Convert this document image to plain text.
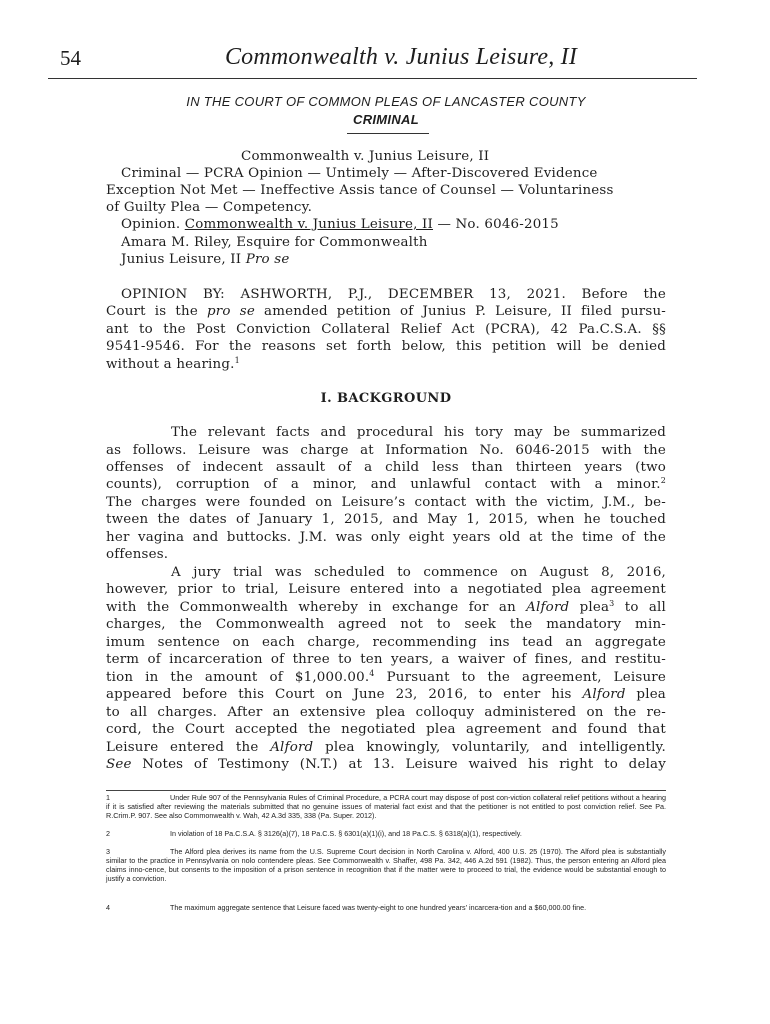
54	Commonwealth v. Junius Leisure, II
IN THE COURT OF COMMON PLEAS OF LANCASTER COUNTY
CRIMINAL
Commonwealth v. Junius Leisure, II
Criminal — PCRA Opinion — Untimely — After-Discovered Evidence
Exception Not Met — Ineffective Assis tance of Counsel — Voluntariness
of Guilty Plea — Competency.
Opinion. Commonwealth v. Junius Leisure, II — No. 6046-2015
Amara M. Riley, Esquire for Commonwealth
Junius Leisure, II Pro se
OPINION BY: ASHWORTH, P.J., DECEMBER 13, 2021. Before the
Court is the pro se amended petition of Junius P. Leisure, II filed pursu-
ant to the Post Conviction Collateral Relief Act (PCRA), 42 Pa.C.S.A. §§
9541-9546. For the reasons set forth below, this petition will be denied
without a hearing.$^1$
I. BACKGROUND
The relevant facts and procedural his tory may be summarized
as follows. Leisure was charge at Information No. 6046-2015 with the
offenses of indecent assault of a child less than thirteen years (two
counts), corruption of a minor, and unlawful contact with a minor.$^2$
The charges were founded on Leisure’s contact with the victim, J.M., be-
tween the dates of January 1, 2015, and May 1, 2015, when he touched
her vagina and buttocks. J.M. was only eight years old at the time of the
offenses.
A jury trial was scheduled to commence on August 8, 2016,
however, prior to trial, Leisure entered into a negotiated plea agreement
with the Commonwealth whereby in exchange for an Alford plea$^3$ to all
charges, the Commonwealth agreed not to seek the mandatory min-
imum sentence on each charge, recommending ins tead an aggregate
term of incarceration of three to ten years, a waiver of fines, and restitu-
tion in the amount of $1,000.00.$^4$ Pursuant to the agreement, Leisure
appeared before this Court on June 23, 2016, to enter his Alford plea
to all charges. After an extensive plea colloquy administered on the re-
cord, the Court accepted the negotiated plea agreement and found that
Leisure entered the Alford plea knowingly, voluntarily, and intelligently.
See Notes of Testimony (N.T.) at 13. Leisure waived his right to delay
1	Under Rule 907 of the Pennsylvania Rules of Criminal Procedure, a PCRA court may dispose of post con-viction collateral relief petitions without a hearing if it is satisfied after reviewing the materials submitted that no genuine issues of material fact exist and that the petitioner is not entitled to post conviction relief. See Pa. R.Crim.P. 907. See also Commonwealth v. Wah, 42 A.3d 335, 338 (Pa. Super. 2012).
2	In violation of 18 Pa.C.S.A. § 3126(a)(7), 18 Pa.C.S. § 6301(a)(1)(i), and 18 Pa.C.S. § 6318(a)(1), respectively.
3	The Alford plea derives its name from the U.S. Supreme Court decision in North Carolina v. Alford, 400 U.S. 25 (1970). The Alford plea is substantially similar to the practice in Pennsylvania on nolo contendere pleas. See Commonwealth v. Shaffer, 498 Pa. 342, 446 A.2d 591 (1982). Thus, the person entering an Alford plea claims inno-cence, but consents to the imposition of a prison sentence in recognition that if the matter were to proceed to trial, the evidence would be substantial enough to justify a conviction.
4	The maximum aggregate sentence that Leisure faced was twenty-eight to one hundred years’ incarcera-tion and a $60,000.00 fine.
